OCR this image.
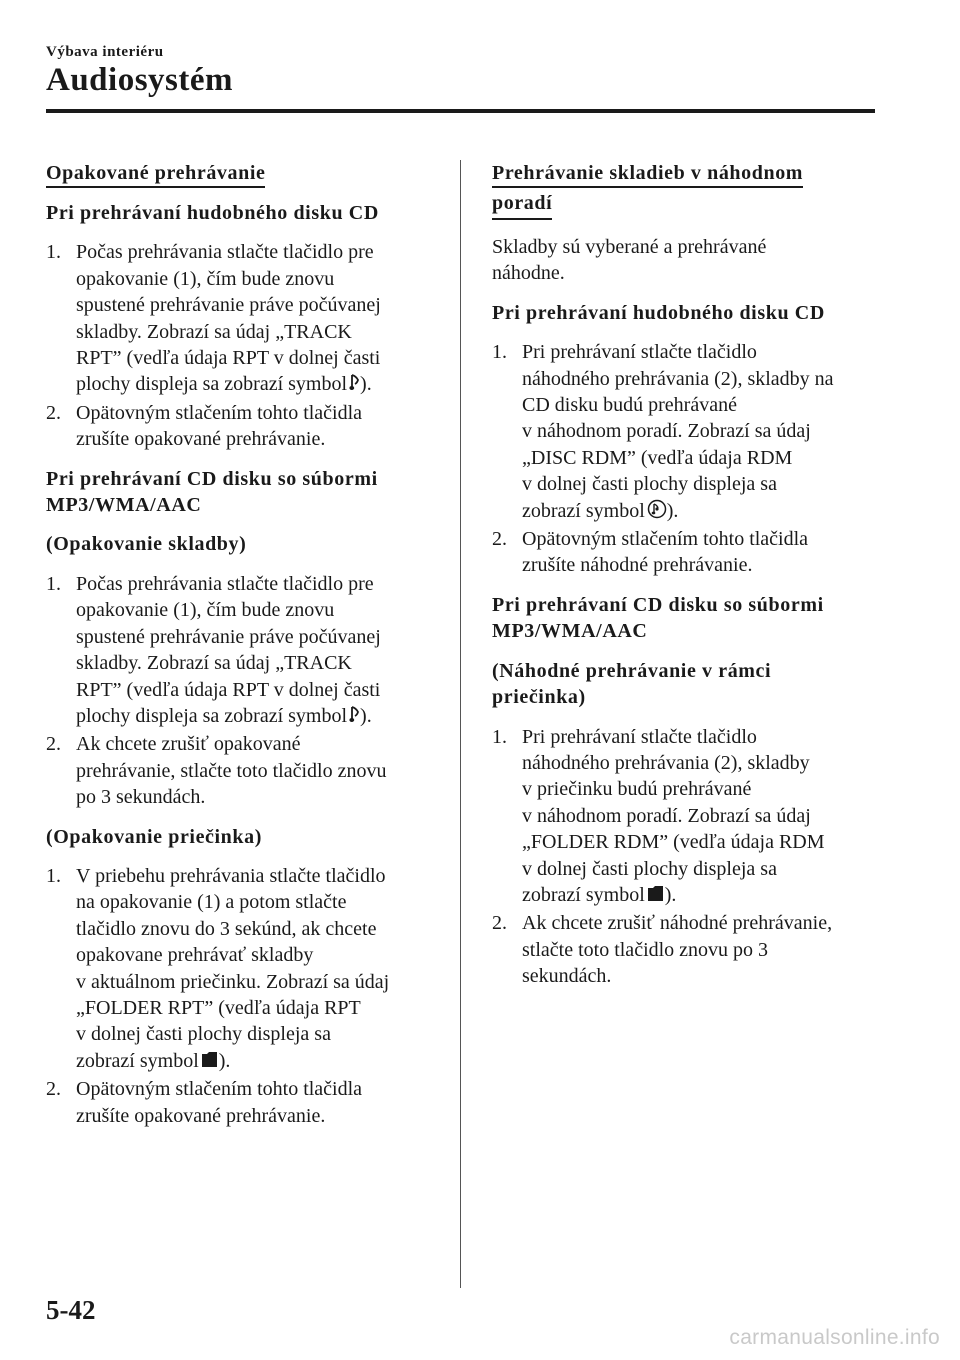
Výbava interiéru
Audiosystém
Opakované prehrávanie
Pri prehrávaní hudobného disku CD
1. Počas prehrávania stlačte tlačidlo pre
opakovanie (1), čím bude znovu
spustené prehrávanie práve počúvanej
skladby. Zobrazí sa údaj „TRACK
RPT” (vedľa údaja RPT v dolnej časti
plochy displeja sa zobrazí symbol ).
2. Opätovným stlačením tohto tlačidla
zrušíte opakované prehrávanie.
Pri prehrávaní CD disku so súbormi
MP3/WMA/AAC
(Opakovanie skladby)
1. Počas prehrávania stlačte tlačidlo pre
opakovanie (1), čím bude znovu
spustené prehrávanie práve počúvanej
skladby. Zobrazí sa údaj „TRACK
RPT” (vedľa údaja RPT v dolnej časti
plochy displeja sa zobrazí symbol ).
2. Ak chcete zrušiť opakované
prehrávanie, stlačte toto tlačidlo znovu
po 3 sekundách.
(Opakovanie priečinka)
1. V priebehu prehrávania stlačte tlačidlo
na opakovanie (1) a potom stlačte
tlačidlo znovu do 3 sekúnd, ak chcete
opakovane prehrávať skladby
v aktuálnom priečinku. Zobrazí sa údaj
„FOLDER RPT” (vedľa údaja RPT
v dolnej časti plochy displeja sa
zobrazí symbol ).
2. Opätovným stlačením tohto tlačidla
zrušíte opakované prehrávanie.
Prehrávanie skladieb v náhodnom
poradí
Skladby sú vyberané a prehrávané
náhodne.
Pri prehrávaní hudobného disku CD
1. Pri prehrávaní stlačte tlačidlo
náhodného prehrávania (2), skladby na
CD disku budú prehrávané
v náhodnom poradí. Zobrazí sa údaj
„DISC RDM” (vedľa údaja RDM
v dolnej časti plochy displeja sa
zobrazí symbol ).
2. Opätovným stlačením tohto tlačidla
zrušíte náhodné prehrávanie.
Pri prehrávaní CD disku so súbormi
MP3/WMA/AAC
(Náhodné prehrávanie v rámci
priečinka)
1. Pri prehrávaní stlačte tlačidlo
náhodného prehrávania (2), skladby
v priečinku budú prehrávané
v náhodnom poradí. Zobrazí sa údaj
„FOLDER RDM” (vedľa údaja RDM
v dolnej časti plochy displeja sa
zobrazí symbol ).
2. Ak chcete zrušiť náhodné prehrávanie,
stlačte toto tlačidlo znovu po 3
sekundách.
5-42
carmanualsonline.info
